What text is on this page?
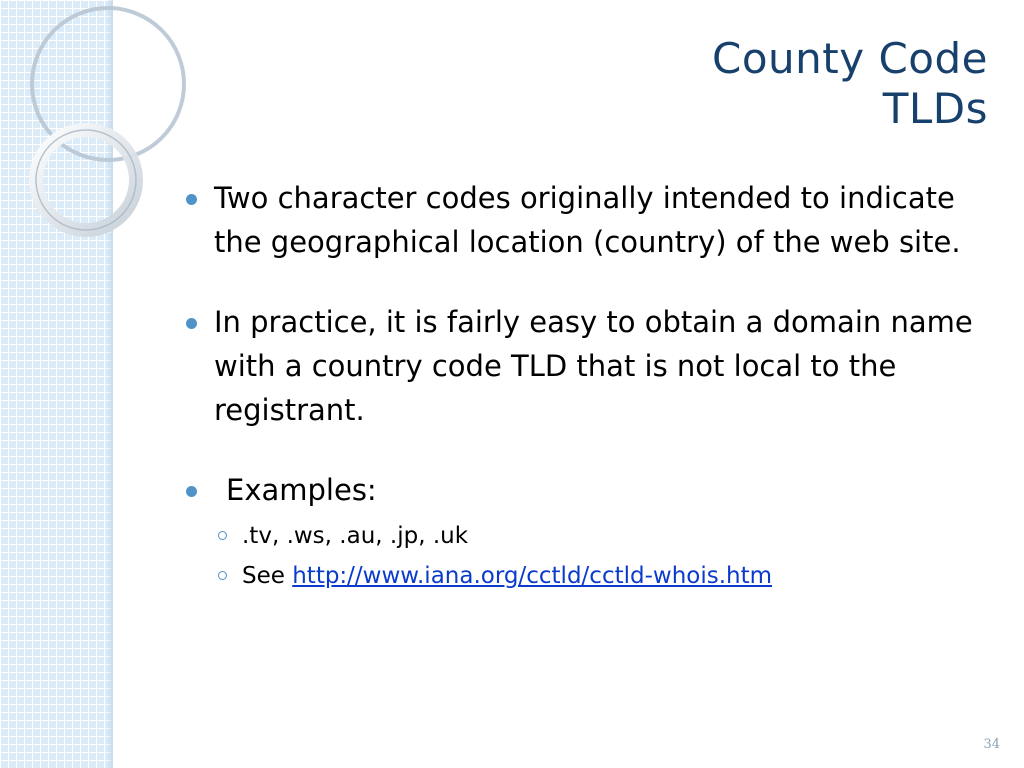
County Code
TLDs
Two character codes originally intended to indicate the geographical location (country) of the web site.
In practice, it is fairly easy to obtain a domain name with a country code TLD that is not local to the registrant.
Examples:
.tv, .ws, .au, .jp, .uk
See http://www.iana.org/cctld/cctld-whois.htm
34
